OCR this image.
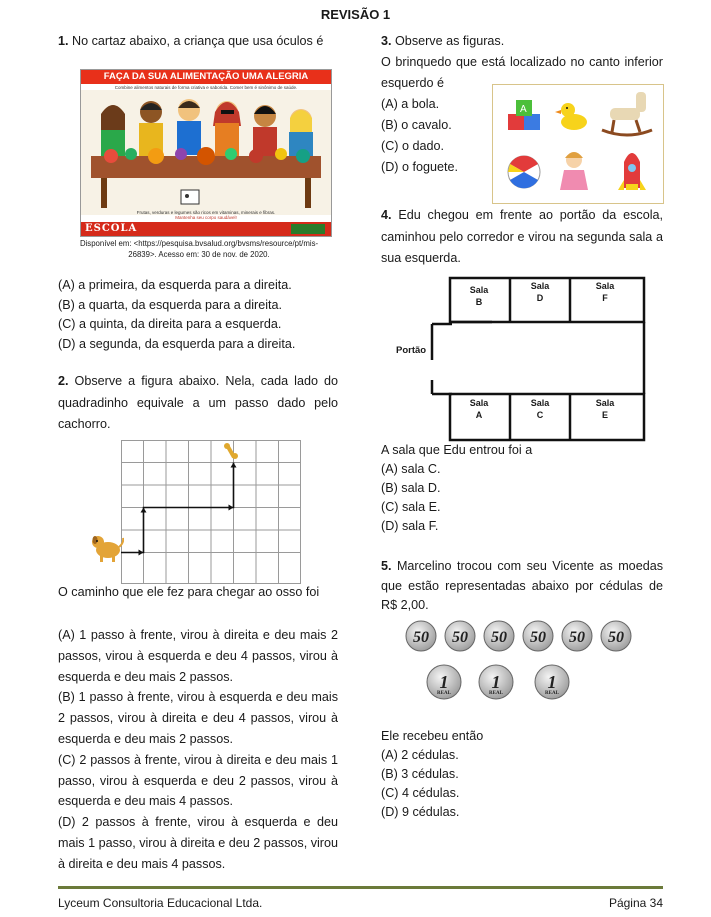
REVISÃO 1
1. No cartaz abaixo, a criança que usa óculos é
FAÇA DA SUA ALIMENTAÇÃO UMA ALEGRIA
Combine alimentos naturais de forma criativa e saborida. Comer bem é sinônimo de saúde.
Frutas, verduras e legumes são ricos em vitaminas, minerais e fibras.
Mantenha seu corpo saudável!
ESCOLA
Disponível em: <https://pesquisa.bvsalud.org/bvsms/resource/pt/mis-
26839>. Acesso em: 30 de nov. de 2020.

(A) a primeira, da esquerda para a direita.

(B) a quarta, da esquerda para a direita.

(C) a quinta, da direita para a esquerda.

(D) a segunda, da esquerda para a direita.

2. Observe a figura abaixo. Nela, cada lado do quadradinho equivale a um passo dado pelo cachorro.
O caminho que ele fez para chegar ao osso foi

(A) 1 passo à frente, virou à direita e deu mais 2 passos, virou à esquerda e deu 4 passos, virou à esquerda e deu mais 2 passos.

(B) 1 passo à frente, virou à esquerda e deu mais 2 passos, virou à direita e deu 4 passos, virou à esquerda e deu mais 2 passos.

(C) 2 passos à frente, virou à direita e deu mais 1 passo, virou à esquerda e deu 2 passos, virou à esquerda e deu mais 4 passos.

(D) 2 passos à frente, virou à esquerda e deu mais 1 passo, virou à direita e deu 2 passos, virou à direita e deu mais 4 passos.

3. Observe as figuras.
O brinquedo que está localizado no canto inferior esquerdo é

(A) a bola.

(B) o cavalo.

(C) o dado.

(D) o foguete.

A
4. Edu chegou em frente ao portão da escola, caminhou pelo corredor e virou na segunda sala a sua esquerda.
Portão
Sala
B
Sala
D
Sala
F
Sala
A
Sala
C
Sala
E
A sala que Edu entrou foi a

(A) sala C.

(B) sala D.

(C) sala E.

(D) sala F.

5. Marcelino trocou com seu Vicente as moedas que estão representadas abaixo por cédulas de R$ 2,00.
50 50 50 50 50 50
1
REAL
1
REAL
1
REAL
Ele recebeu então

(A) 2 cédulas.

(B) 3 cédulas.

(C) 4 cédulas.

(D) 9 cédulas.

Lyceum Consultoria Educacional Ltda.	Página 34
